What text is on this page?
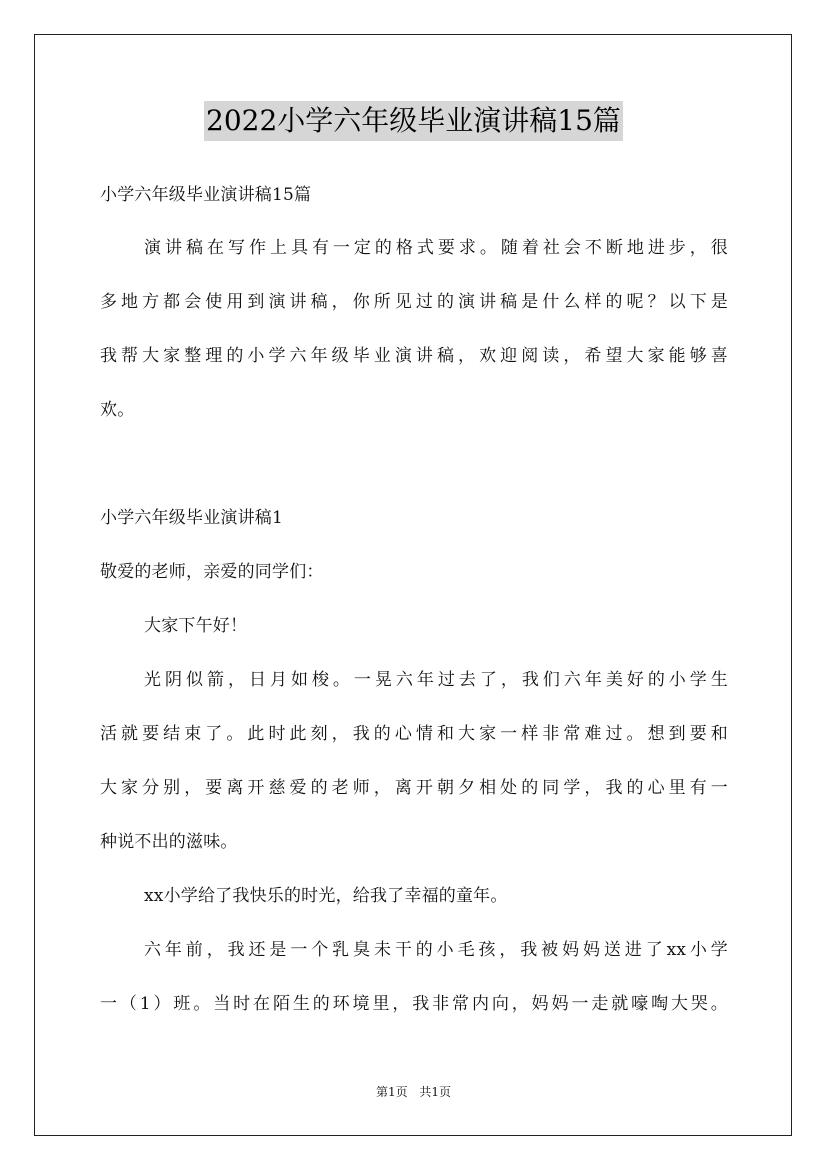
2022小学六年级毕业演讲稿15篇
小学六年级毕业演讲稿15篇
演讲稿在写作上具有一定的格式要求。随着社会不断地进步，很
多地方都会使用到演讲稿，你所见过的演讲稿是什么样的呢？以下是
我帮大家整理的小学六年级毕业演讲稿，欢迎阅读，希望大家能够喜
欢。
小学六年级毕业演讲稿1
敬爱的老师，亲爱的同学们：
大家下午好！
光阴似箭，日月如梭。一晃六年过去了，我们六年美好的小学生
活就要结束了。此时此刻，我的心情和大家一样非常难过。想到要和
大家分别，要离开慈爱的老师，离开朝夕相处的同学，我的心里有一
种说不出的滋味。
xx小学给了我快乐的时光，给我了幸福的童年。
六年前，我还是一个乳臭未干的小毛孩，我被妈妈送进了xx小学
一（1）班。当时在陌生的环境里，我非常内向，妈妈一走就嚎啕大哭。
第1页 共1页
